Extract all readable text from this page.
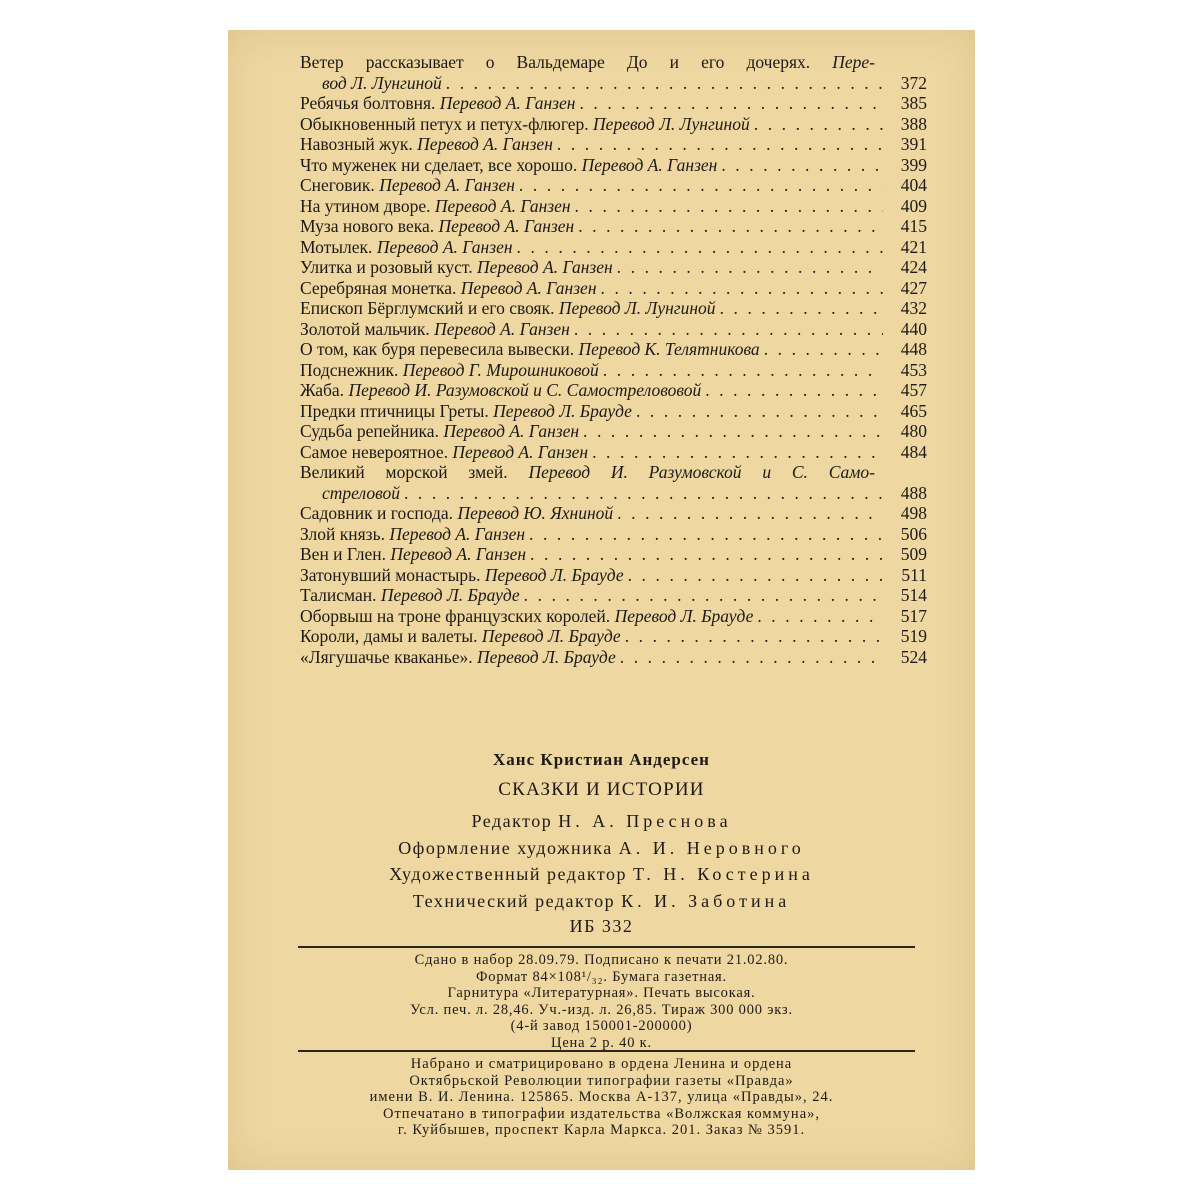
Ветер рассказывает о Вальдемаре До и его дочерях. Пере-
вод Л. Лунгиной . . .	372
Ребячья болтовня. Перевод А. Ганзен . . .	385
Обыкновенный петух и петух-флюгер. Перевод Л. Лунгиной . . .	388
Навозный жук. Перевод А. Ганзен . . .	391
Что муженек ни сделает, все хорошо. Перевод А. Ганзен . . .	399
Снеговик. Перевод А. Ганзен . . .	404
На утином дворе. Перевод А. Ганзен . . .	409
Муза нового века. Перевод А. Ганзен . . .	415
Мотылек. Перевод А. Ганзен . . .	421
Улитка и розовый куст. Перевод А. Ганзен . . .	424
Серебряная монетка. Перевод А. Ганзен . . .	427
Епископ Бёрглумский и его свояк. Перевод Л. Лунгиной . . .	432
Золотой мальчик. Перевод А. Ганзен . . .	440
О том, как буря перевесила вывески. Перевод К. Телятникова . . .	448
Подснежник. Перевод Г. Мирошниковой . . .	453
Жаба. Перевод И. Разумовской и С. Самострелововой . . .	457
Предки птичницы Греты. Перевод Л. Брауде . . .	465
Судьба репейника. Перевод А. Ганзен . . .	480
Самое невероятное. Перевод А. Ганзен . . .	484
Великий морской змей. Перевод И. Разумовской и С. Само-
стреловой . . .	488
Садовник и господа. Перевод Ю. Яхниной . . .	498
Злой князь. Перевод А. Ганзен . . .	506
Вен и Глен. Перевод А. Ганзен . . .	509
Затонувший монастырь. Перевод Л. Брауде . . .	511
Талисман. Перевод Л. Брауде . . .	514
Оборвыш на троне французских королей. Перевод Л. Брауде . . .	517
Короли, дамы и валеты. Перевод Л. Брауде . . .	519
«Лягушачье кваканье». Перевод Л. Брауде . . .	524
Ханс Кристиан Андерсен
СКАЗКИ И ИСТОРИИ
Редактор Н. А. Преснова
Оформление художника А. И. Неровного
Художественный редактор Т. Н. Костерина
Технический редактор К. И. Заботина
ИБ 332
Сдано в набор 28.09.79. Подписано к печати 21.02.80.
Формат 84×108¹/₃₂. Бумага газетная.
Гарнитура «Литературная». Печать высокая.
Усл. печ. л. 28,46. Уч.-изд. л. 26,85. Тираж 300 000 экз.
(4-й завод 150001-200000)
Цена 2 р. 40 к.
Набрано и сматрицировано в ордена Ленина и ордена
Октябрьской Революции типографии газеты «Правда»
имени В. И. Ленина. 125865. Москва А-137, улица «Правды», 24.
Отпечатано в типографии издательства «Волжская коммуна»,
г. Куйбышев, проспект Карла Маркса. 201. Заказ № 3591.
